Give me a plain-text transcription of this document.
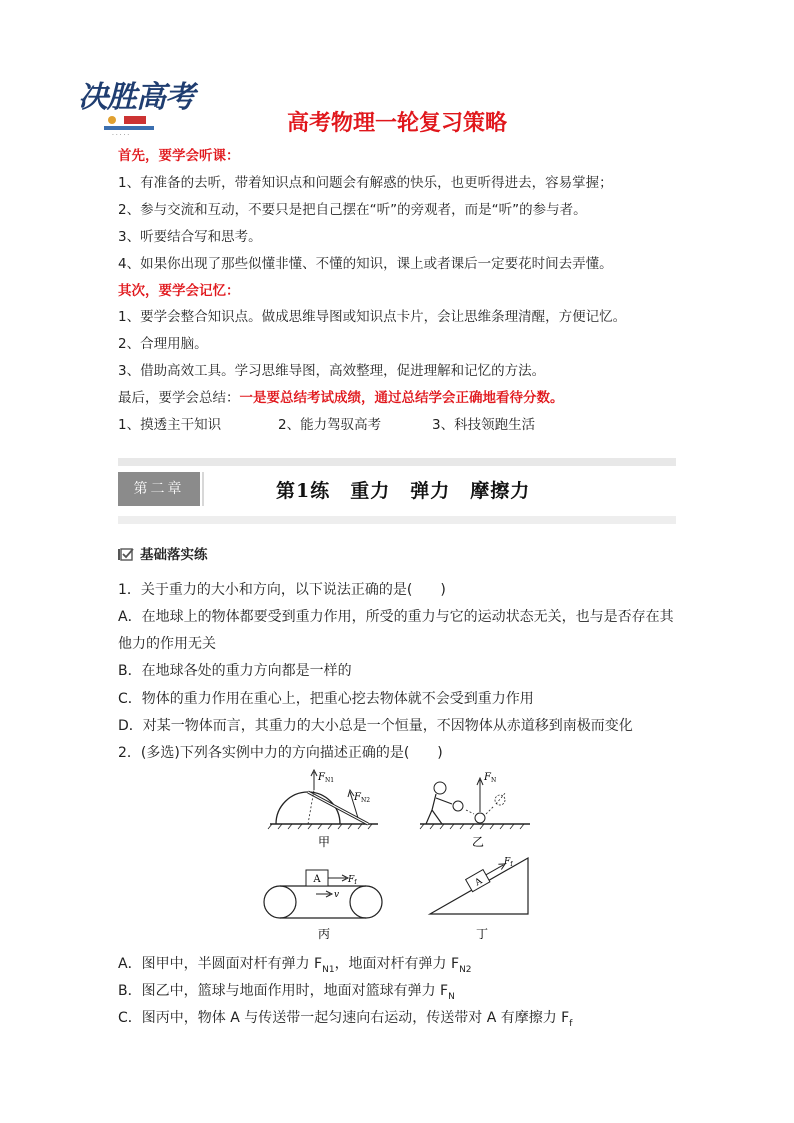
决胜高考
· · · · ·	高考物理一轮复习策略
首先，要学会听课：
1、有准备的去听，带着知识点和问题会有解惑的快乐，也更听得进去，容易掌握；
2、参与交流和互动，不要只是把自己摆在“听”的旁观者，而是“听”的参与者。
3、听要结合写和思考。
4、如果你出现了那些似懂非懂、不懂的知识，课上或者课后一定要花时间去弄懂。
其次，要学会记忆：
1、要学会整合知识点。做成思维导图或知识点卡片，会让思维条理清醒，方便记忆。
2、合理用脑。
3、借助高效工具。学习思维导图，高效整理，促进理解和记忆的方法。
最后，要学会总结：一是要总结考试成绩，通过总结学会正确地看待分数。
1、摸透主干知识	2、能力驾驭高考	3、科技领跑生活
第二章	第1练　重力　弹力　摩擦力
基础落实练
1．关于重力的大小和方向，以下说法正确的是(　　)
A．在地球上的物体都要受到重力作用，所受的重力与它的运动状态无关，也与是否存在其
他力的作用无关
B．在地球各处的重力方向都是一样的
C．物体的重力作用在重心上，把重心挖去物体就不会受到重力作用
D．对某一物体而言，其重力的大小总是一个恒量，不因物体从赤道移到南极而变化
2．(多选)下列各实例中力的方向描述正确的是(　　)
$F_{N1}$
$F_{N2}$
甲
$F_N$
乙
A	$F_f$
v
丙
A
$F_f$
丁
A．图甲中，半圆面对杆有弹力 $F_{N1}$，地面对杆有弹力 $F_{N2}$
B．图乙中，篮球与地面作用时，地面对篮球有弹力 $F_N$
C．图丙中，物体 A 与传送带一起匀速向右运动，传送带对 A 有摩擦力 $F_f$
